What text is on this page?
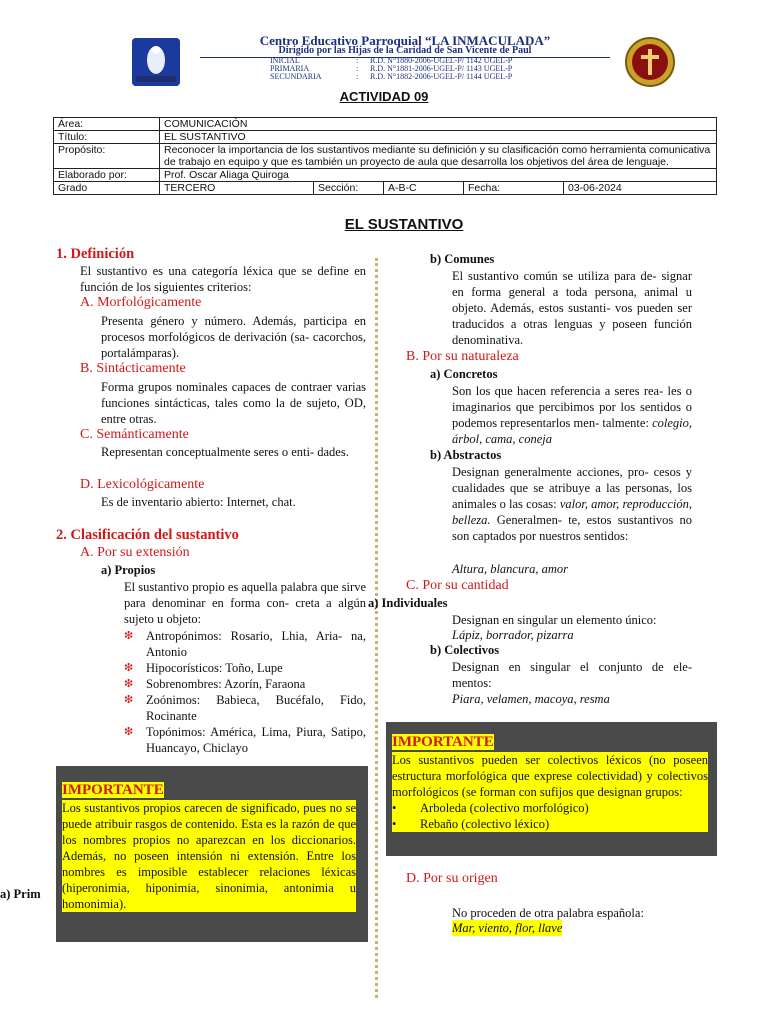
Centro Educativo Parroquial “LA INMACULADA”
Dirigido por las Hijas de la Caridad de San Vicente de Paul
INICIAL	: R.D. N°1880-2006-UGEL-P/ 1142 UGEL-P
PRIMARIA	: R.D. N°1881-2006-UGEL-P/ 1143 UGEL-P
SECUNDARIA	: R.D. N°1882-2006-UGEL-P/ 1144 UGEL-P
ACTIVIDAD 09
Área:	COMUNICACIÓN				
Título:	EL SUSTANTIVO				
Propósito:	Reconocer la importancia de los sustantivos mediante su definición y su clasificación como herramienta comunicativa de trabajo en equipo y que es también un proyecto de aula que desarrolla los objetivos del área de lenguaje.				
Elaborado por:	Prof. Oscar Aliaga Quiroga				
Grado	TERCERO	Sección:	A-B-C	Fecha:	03-06-2024
EL SUSTANTIVO
1. Definición
El sustantivo es una categoría léxica que se define en función de los siguientes criterios:
A. Morfológicamente
Presenta género y número. Además, participa en procesos morfológicos de derivación (sa- cacorchos, portalámparas).
B. Sintácticamente
Forma grupos nominales capaces de contraer varias funciones sintácticas, tales como la de sujeto, OD, entre otras.
C. Semánticamente
Representan conceptualmente seres o enti- dades.
D. Lexicológicamente
Es de inventario abierto: Internet, chat.
2. Clasificación del sustantivo
A. Por su extensión
a) Propios
El sustantivo propio es aquella palabra que sirve para denominar en forma con- creta a algún sujeto u objeto:
❇	Antropónimos: Rosario, Lhia, Aria- na, Antonio
❇	Hipocorísticos: Toño, Lupe
❇	Sobrenombres: Azorín, Faraona
❇	Zoónimos: Babieca, Bucéfalo, Fido, Rocinante
❇	Topónimos: América, Lima, Piura, Satipo, Huancayo, Chiclayo
a) Prim
IMPORTANTE
Los sustantivos propios carecen de significado, pues no se puede atribuir rasgos de contenido. Esta es la razón de que los nombres propios no aparezcan en los diccionarios. Además, no poseen intensión ni extensión. Entre los nombres es imposible establecer relaciones léxicas (hiperonimia, hiponimia, sinonimia, antonimia u homonimia).
b) Comunes
El sustantivo común se utiliza para de- signar en forma general a toda persona, animal u objeto. Además, estos sustanti- vos pueden ser traducidos a otras lenguas y poseen función denominativa.
B. Por su naturaleza
a) Concretos
Son los que hacen referencia a seres rea- les o imaginarios que percibimos por los sentidos o podemos representarlos men- talmente: colegio, árbol, cama, coneja
b) Abstractos
Designan generalmente acciones, pro- cesos y cualidades que se atribuye a las personas, los animales o las cosas: valor, amor, reproducción, belleza. Generalmen- te, estos sustantivos no son captados por nuestros sentidos:
Altura, blancura, amor
C. Por su cantidad
a) Individuales
Designan en singular un elemento único:
Lápiz, borrador, pizarra
b) Colectivos
Designan en singular el conjunto de ele- mentos:
Piara, velamen, macoya, resma
IMPORTANTE
Los sustantivos pueden ser colectivos léxicos (no poseen estructura morfológica que exprese colectividad) y colectivos morfológicos (se forman con sufijos que designan grupos:
•	Arboleda (colectivo morfológico)
•	Rebaño (colectivo léxico)
D. Por su origen
No proceden de otra palabra española:
Mar, viento, flor, llave
